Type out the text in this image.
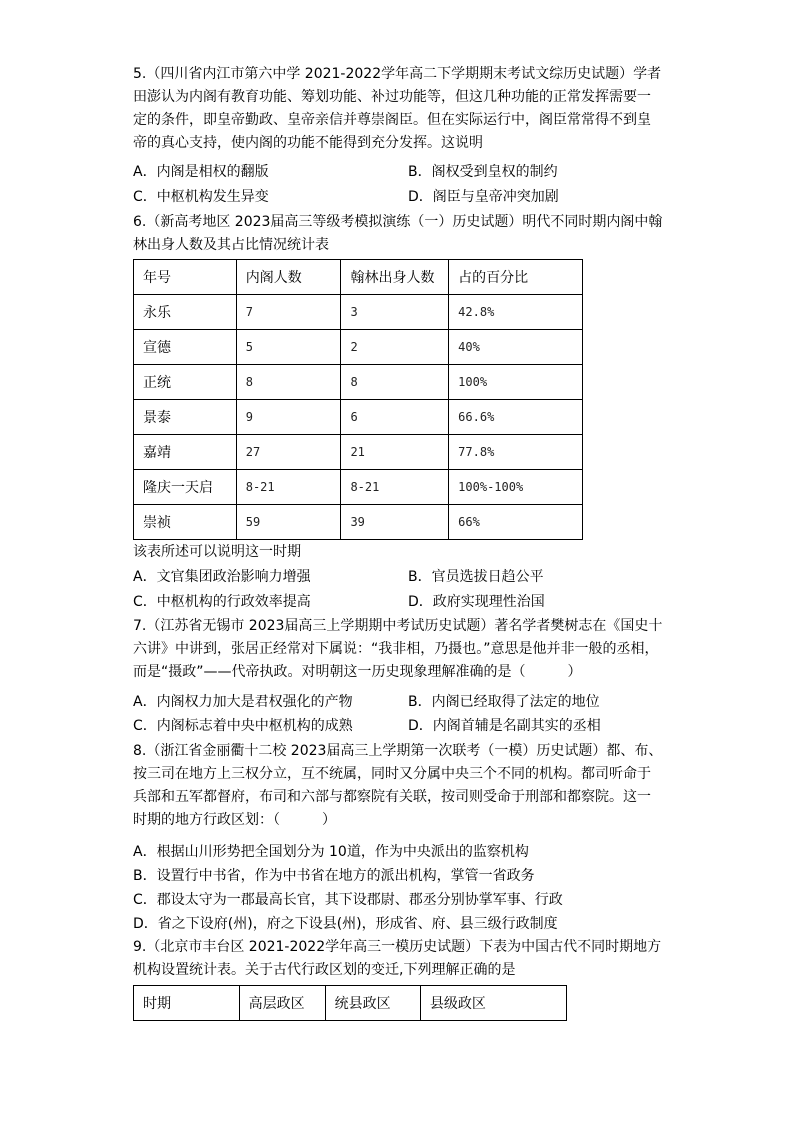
5.（四川省内江市第六中学 2021-2022学年高二下学期期末考试文综历史试题）学者田澎认为内阁有教育功能、筹划功能、补过功能等，但这几种功能的正常发挥需要一定的条件，即皇帝勤政、皇帝亲信并尊崇阁臣。但在实际运行中，阁臣常常得不到皇帝的真心支持，使内阁的功能不能得到充分发挥。这说明

A．内阁是相权的翻版	B．阁权受到皇权的制约
C．中枢机构发生异变	D．阁臣与皇帝冲突加剧

6.（新高考地区 2023届高三等级考模拟演练（一）历史试题）明代不同时期内阁中翰林出身人数及其占比情况统计表

年号	内阁人数	翰林出身人数	占的百分比
永乐	7	3	42.8%
宣德	5	2	40%
正统	8	8	100%
景泰	9	6	66.6%
嘉靖	27	21	77.8%
隆庆一天启	8-21	8-21	100%-100%
崇祯	59	39	66%

该表所述可以说明这一时期

A．文官集团政治影响力增强	B．官员选拔日趋公平
C．中枢机构的行政效率提高	D．政府实现理性治国

7.（江苏省无锡市 2023届高三上学期期中考试历史试题）著名学者樊树志在《国史十六讲》中讲到，张居正经常对下属说：“我非相，乃摄也。”意思是他并非一般的丞相，而是“摄政”——代帝执政。对明朝这一历史现象理解准确的是（　　　）

A．内阁权力加大是君权强化的产物	B．内阁已经取得了法定的地位
C．内阁标志着中央中枢机构的成熟	D．内阁首辅是名副其实的丞相

8.（浙江省金丽衢十二校 2023届高三上学期第一次联考（一模）历史试题）都、布、按三司在地方上三权分立，互不统属，同时又分属中央三个不同的机构。都司听命于兵部和五军都督府，布司和六部与都察院有关联，按司则受命于刑部和都察院。这一时期的地方行政区划：（　　　）

A．根据山川形势把全国划分为 10道，作为中央派出的监察机构
B．设置行中书省，作为中书省在地方的派出机构，掌管一省政务
C．郡设太守为一郡最高长官，其下设郡尉、郡丞分别协掌军事、行政
D．省之下设府(州)，府之下设县(州)，形成省、府、县三级行政制度

9.（北京市丰台区 2021-2022学年高三一模历史试题）下表为中国古代不同时期地方机构设置统计表。关于古代行政区划的变迁,下列理解正确的是

时期	高层政区	统县政区	县级政区
